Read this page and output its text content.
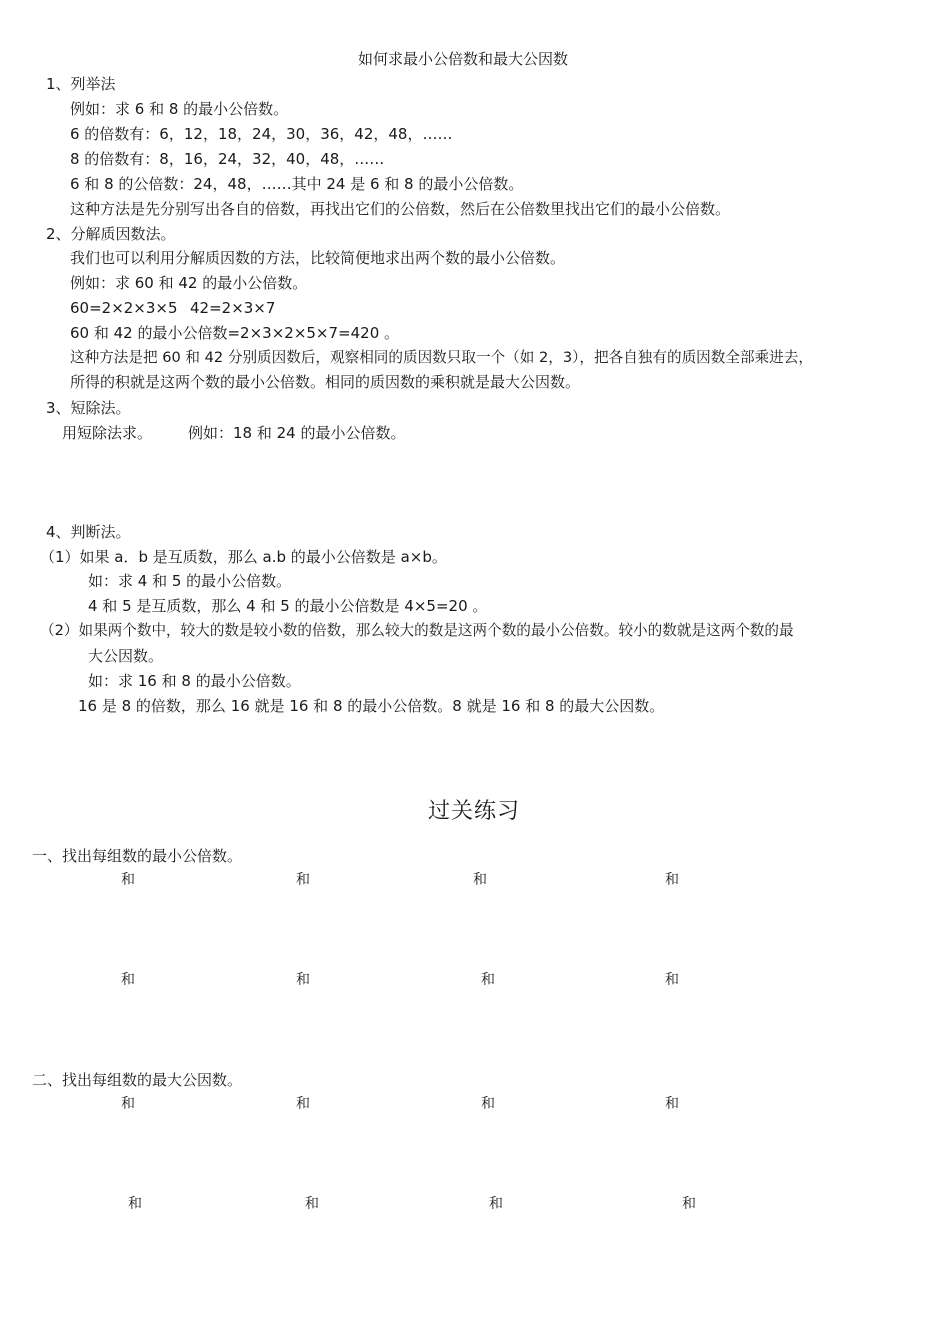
如何求最小公倍数和最大公因数
1、列举法
例如：求 6 和 8 的最小公倍数。
6 的倍数有：6，12，18，24，30，36，42，48，……
8 的倍数有：8，16，24，32，40，48，……
6 和 8 的公倍数：24，48，……其中 24 是 6 和 8 的最小公倍数。
这种方法是先分别写出各自的倍数，再找出它们的公倍数，然后在公倍数里找出它们的最小公倍数。
2、分解质因数法。
我们也可以利用分解质因数的方法，比较简便地求出两个数的最小公倍数。
例如：求 60 和 42 的最小公倍数。
60=2×2×3×5 42=2×3×7
60 和 42 的最小公倍数=2×3×2×5×7=420 。
这种方法是把 60 和 42 分别质因数后，观察相同的质因数只取一个（如 2，3），把各自独有的质因数全部乘进去，
所得的积就是这两个数的最小公倍数。相同的质因数的乘积就是最大公因数。
3、短除法。
用短除法求。 例如：18 和 24 的最小公倍数。
4、判断法。
（1）如果 a．b 是互质数，那么 a.b 的最小公倍数是 a×b。
如：求 4 和 5 的最小公倍数。
4 和 5 是互质数，那么 4 和 5 的最小公倍数是 4×5=20 。
（2）如果两个数中，较大的数是较小数的倍数，那么较大的数是这两个数的最小公倍数。较小的数就是这两个数的最
大公因数。
如：求 16 和 8 的最小公倍数。
16 是 8 的倍数，那么 16 就是 16 和 8 的最小公倍数。8 就是 16 和 8 的最大公因数。
过关练习
一、找出每组数的最小公倍数。
和	和	和	和
和	和	和	和
二、找出每组数的最大公因数。
和	和	和	和
和	和	和	和
